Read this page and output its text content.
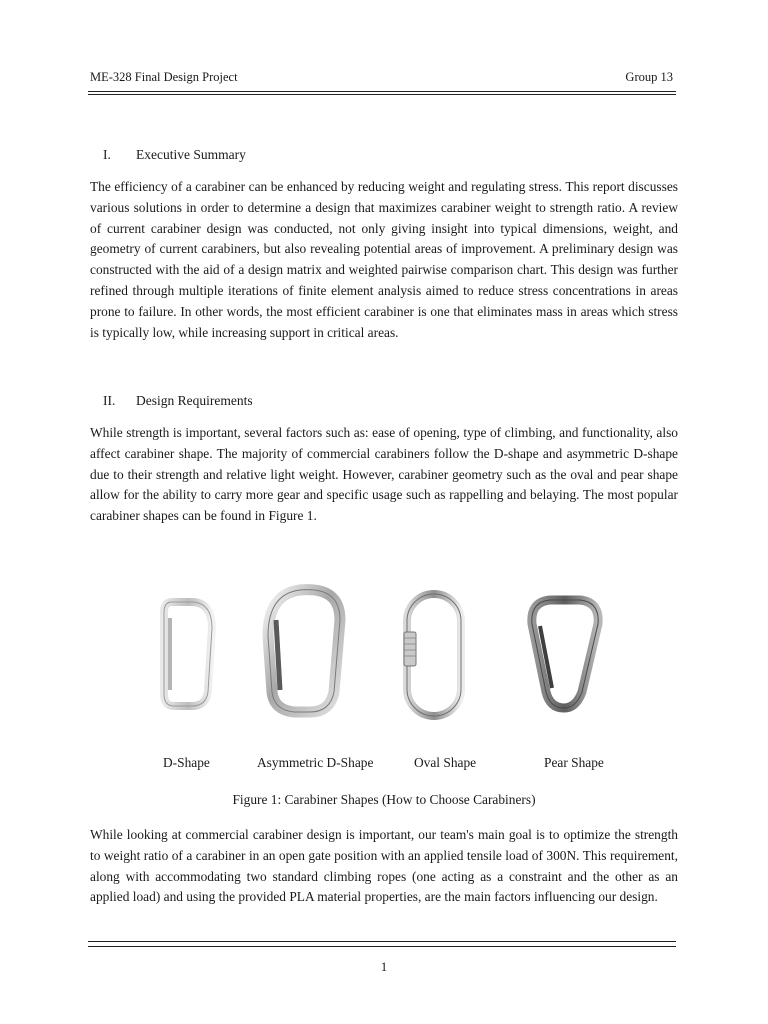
ME-328 Final Design Project	Group 13
I. Executive Summary

The efficiency of a carabiner can be enhanced by reducing weight and regulating stress. This report discusses various solutions in order to determine a design that maximizes carabiner weight to strength ratio. A review of current carabiner design was conducted, not only giving insight into typical dimensions, weight, and geometry of current carabiners, but also revealing potential areas of improvement. A preliminary design was constructed with the aid of a design matrix and weighted pairwise comparison chart. This design was further refined through multiple iterations of finite element analysis aimed to reduce stress concentrations in areas prone to failure. In other words, the most efficient carabiner is one that eliminates mass in areas which stress is typically low, while increasing support in critical areas.

II. Design Requirements

While strength is important, several factors such as: ease of opening, type of climbing, and functionality, also affect carabiner shape. The majority of commercial carabiners follow the D-shape and asymmetric D-shape due to their strength and relative light weight. However, carabiner geometry such as the oval and pear shape allow for the ability to carry more gear and specific usage such as rappelling and belaying. The most popular carabiner shapes can be found in Figure 1.

D-Shape	Asymmetric D-Shape	Oval Shape	Pear Shape
Figure 1: Carabiner Shapes (How to Choose Carabiners)

While looking at commercial carabiner design is important, our team's main goal is to optimize the strength to weight ratio of a carabiner in an open gate position with an applied tensile load of 300N. This requirement, along with accommodating two standard climbing ropes (one acting as a constraint and the other as an applied load) and using the provided PLA material properties, are the main factors influencing our design.

1
